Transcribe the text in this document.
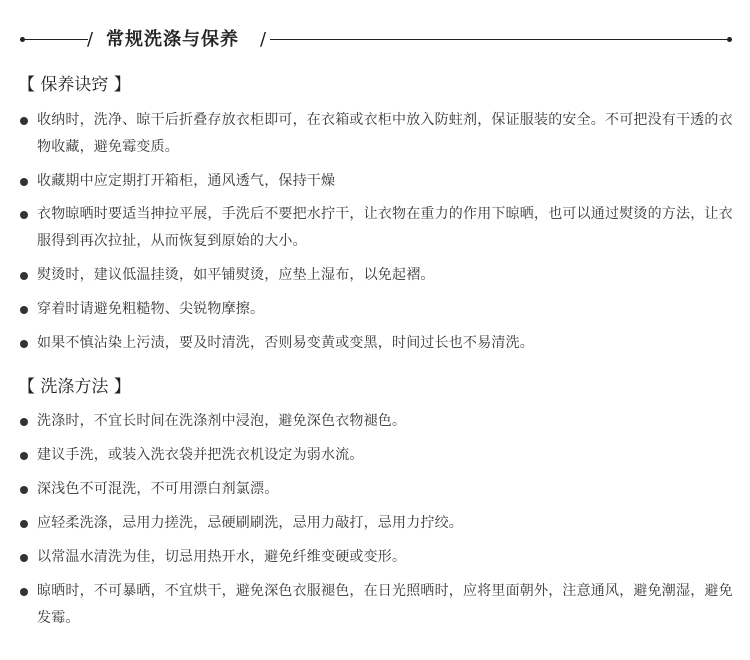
/ 常规洗涤与保养 /
【 保养诀窍 】
收纳时，洗净、晾干后折叠存放衣柜即可，在衣箱或衣柜中放入防蛀剂，保证服装的安全。不可把没有干透的衣物收藏，避免霉变质。
收藏期中应定期打开箱柜，通风透气，保持干燥
衣物晾晒时要适当抻拉平展，手洗后不要把水拧干，让衣物在重力的作用下晾晒，也可以通过熨烫的方法，让衣服得到再次拉扯，从而恢复到原始的大小。
熨烫时，建议低温挂烫，如平铺熨烫，应垫上湿布，以免起褶。
穿着时请避免粗糙物、尖锐物摩擦。
如果不慎沾染上污渍，要及时清洗，否则易变黄或变黑，时间过长也不易清洗。
【 洗涤方法 】
洗涤时，不宜长时间在洗涤剂中浸泡，避免深色衣物褪色。
建议手洗，或装入洗衣袋并把洗衣机设定为弱水流。
深浅色不可混洗，不可用漂白剂氯漂。
应轻柔洗涤，忌用力搓洗，忌硬刷刷洗，忌用力敲打，忌用力拧绞。
以常温水清洗为佳，切忌用热开水，避免纤维变硬或变形。
晾晒时，不可暴晒，不宜烘干，避免深色衣服褪色，在日光照晒时，应将里面朝外，注意通风，避免潮湿，避免发霉。
